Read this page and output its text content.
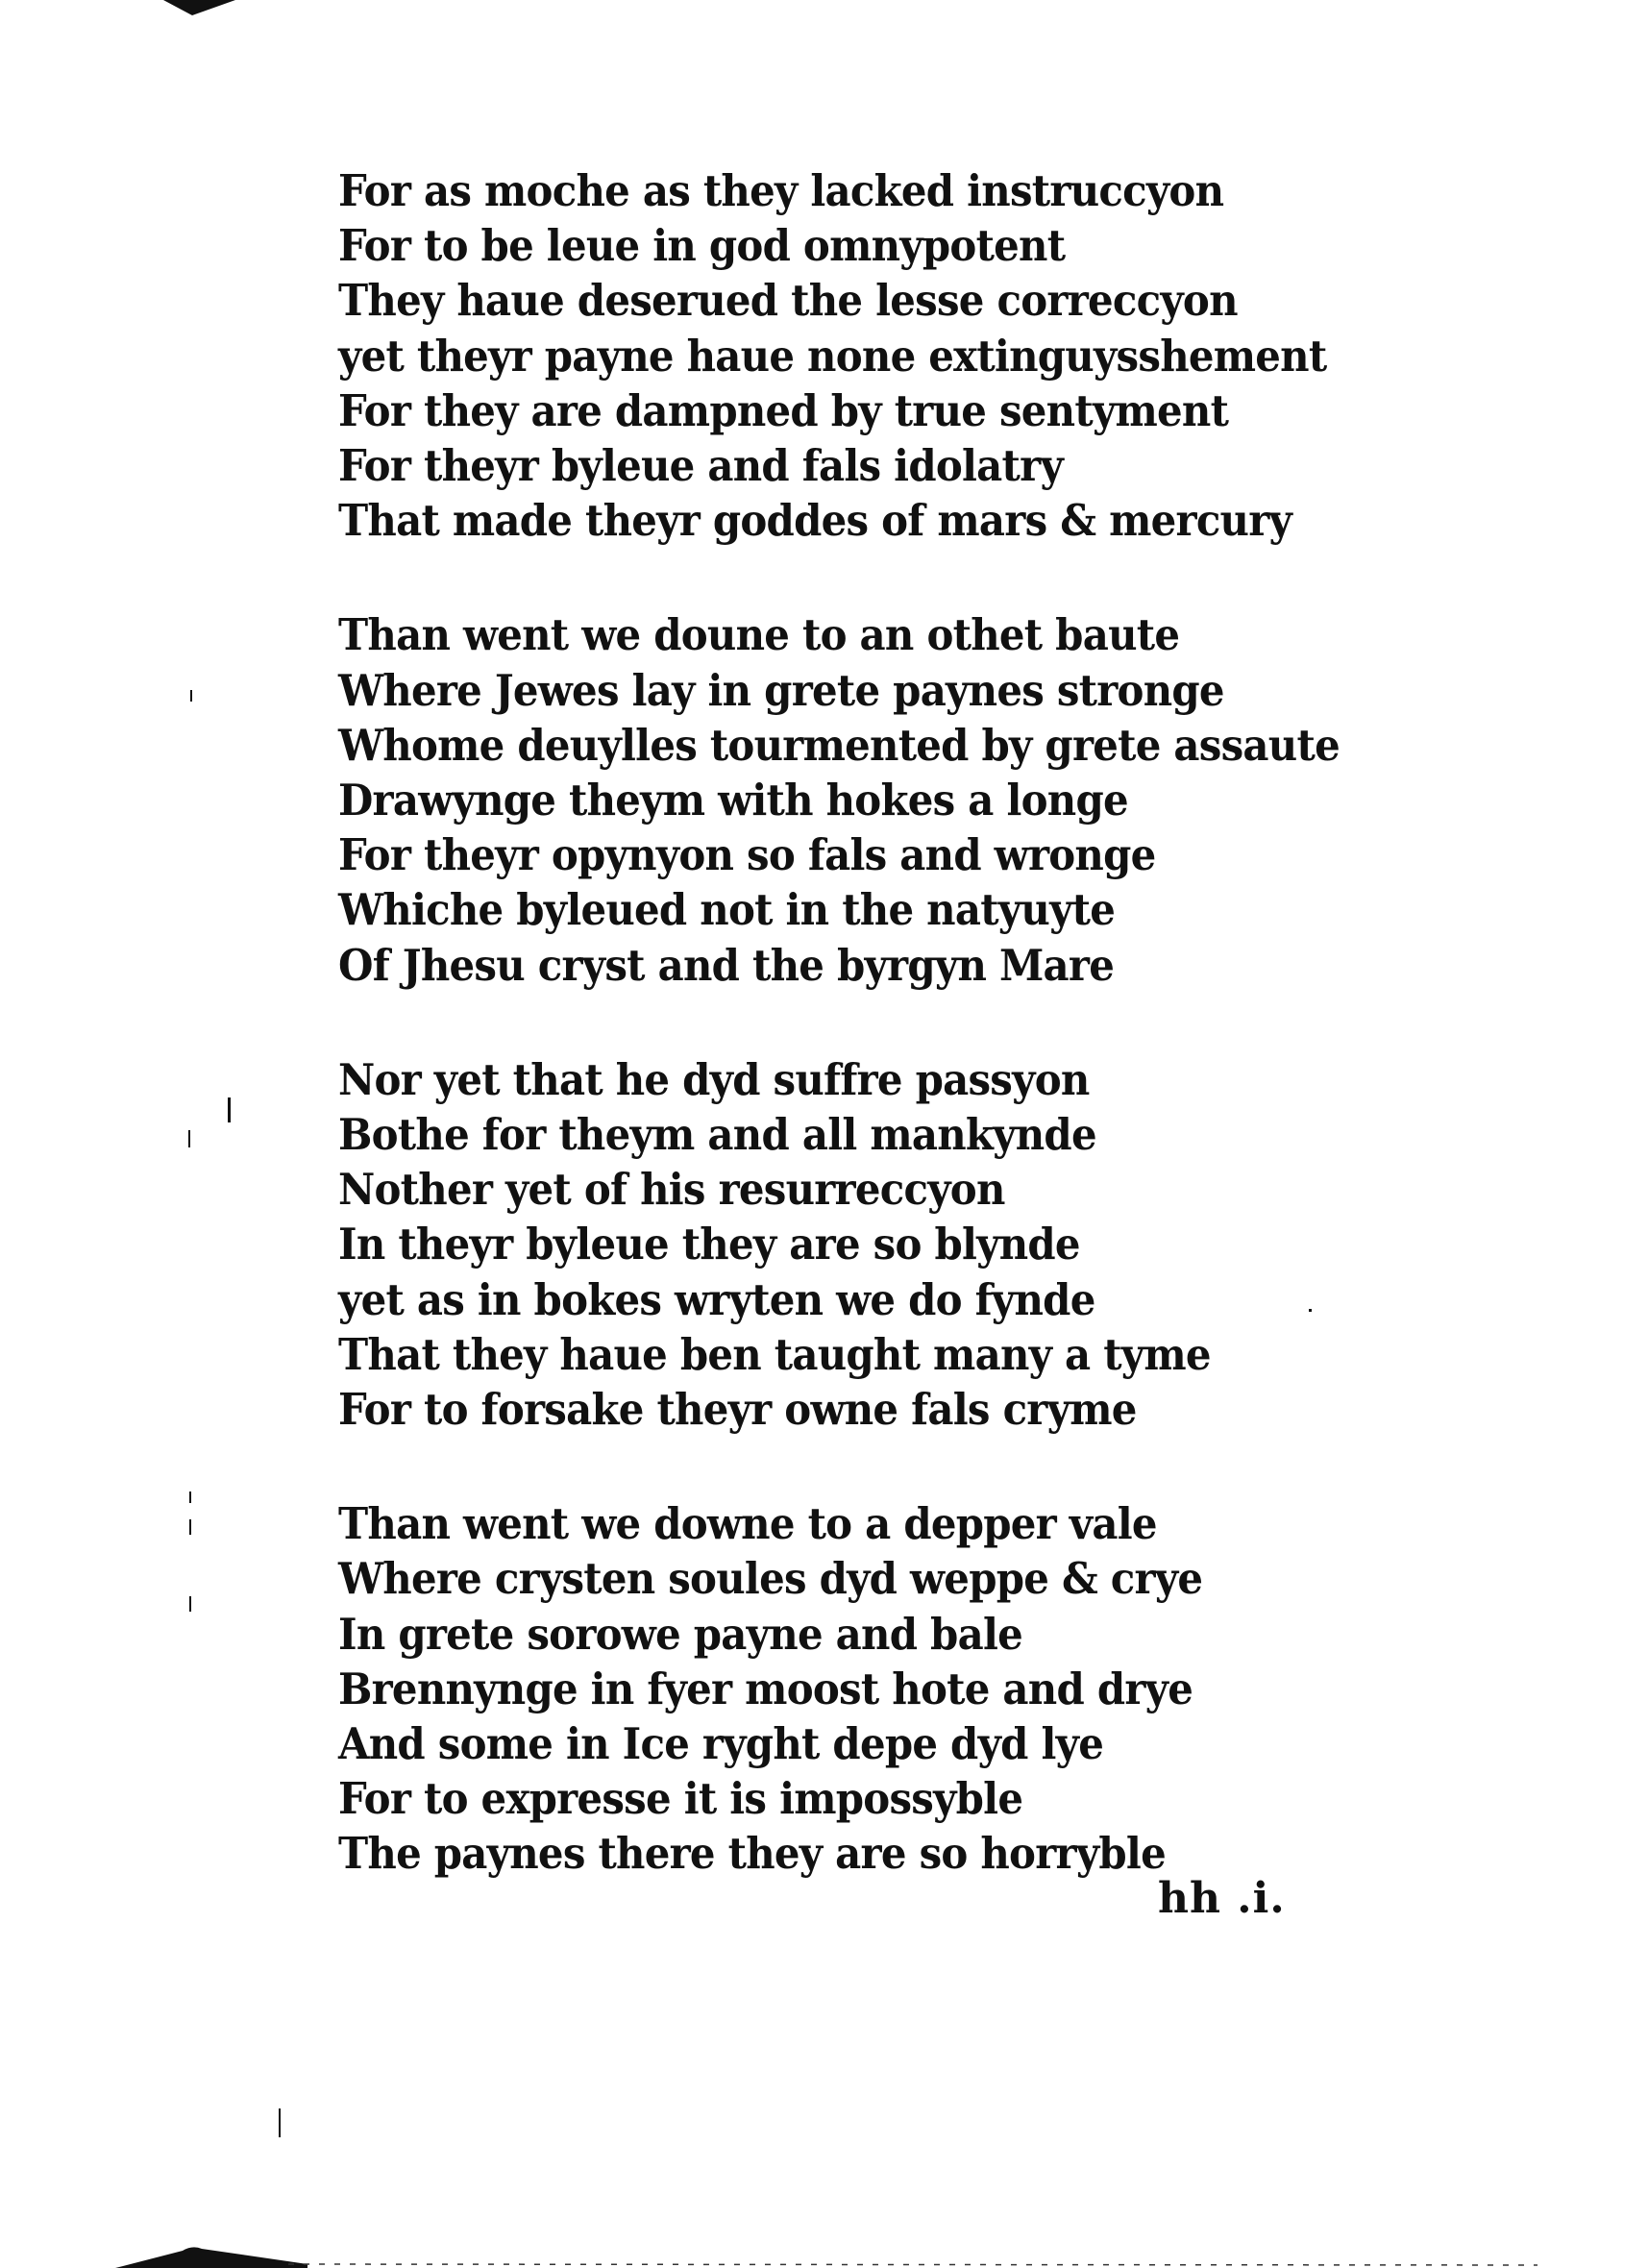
For as moche as they lacked instruccyon
For to be leue in god omnypotent
They haue deserued the lesse correccyon
yet theyr payne haue none extinguysshement
For they are dampned by true sentyment
For theyr byleue and fals idolatry
That made theyr goddes of mars & mercury
Than went we doune to an othet baute
Where Jewes lay in grete paynes stronge
Whome deuylles tourmented by grete assaute
Drawynge theym with hokes a longe
For theyr opynyon so fals and wronge
Whiche byleued not in the natyuyte
Of Jhesu cryst and the byrgyn Mare
Nor yet that he dyd suffre passyon
Bothe for theym and all mankynde
Nother yet of his resurreccyon
In theyr byleue they are so blynde
yet as in bokes wryten we do fynde
That they haue ben taught many a tyme
For to forsake theyr owne fals cryme
Than went we downe to a depper vale
Where crysten soules dyd weppe & crye
In grete sorowe payne and bale
Brennynge in fyer moost hote and drye
And some in Ice ryght depe dyd lye
For to expresse it is impossyble
The paynes there they are so horryble
hh .i.
